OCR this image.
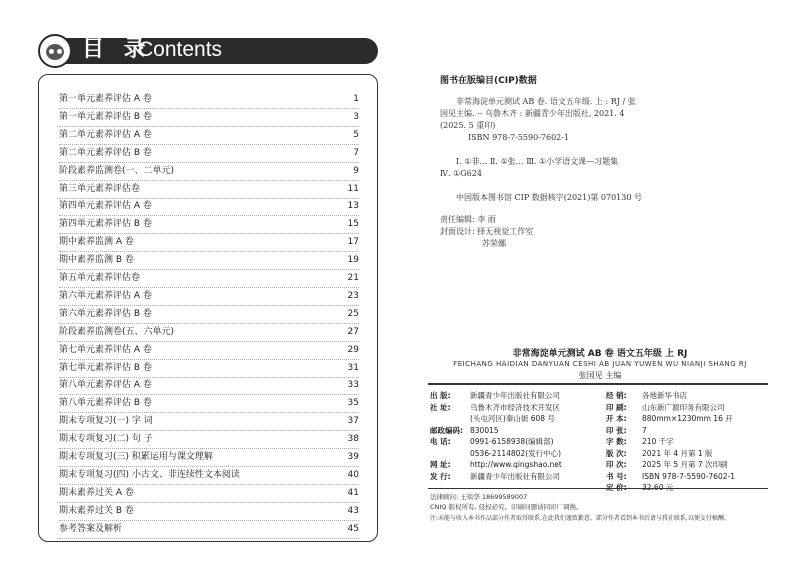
目 录
Contents
第一单元素养评估 A 卷	1
第一单元素养评估 B 卷	3
第二单元素养评估 A 卷	5
第二单元素养评估 B 卷	7
阶段素养监测卷(一、二单元)	9
第三单元素养评估卷	11
第四单元素养评估 A 卷	13
第四单元素养评估 B 卷	15
期中素养监测 A 卷	17
期中素养监测 B 卷	19
第五单元素养评估卷	21
第六单元素养评估 A 卷	23
第六单元素养评估 B 卷	25
阶段素养监测卷(五、六单元)	27
第七单元素养评估 A 卷	29
第七单元素养评估 B 卷	31
第八单元素养评估 A 卷	33
第八单元素养评估 B 卷	35
期末专项复习(一) 字 词	37
期末专项复习(二) 句 子	38
期末专项复习(三) 积累运用与课文理解	39
期末专项复习(四) 小古文、非连续性文本阅读	40
期末素养过关 A 卷	41
期末素养过关 B 卷	43
参考答案及解析	45
图书在版编目(CIP)数据
非常海淀单元测试 AB 卷. 语文五年级. 上 : RJ / 张
国见主编. -- 乌鲁木齐 : 新疆青少年出版社, 2021. 4
(2025. 5 重印)
ISBN 978-7-5590-7602-1
Ⅰ. ①非… Ⅱ. ①张… Ⅲ. ①小学语文课—习题集
Ⅳ. ①G624
中国版本图书馆 CIP 数据核字(2021)第 070130 号
责任编辑: 李 雨
封面设计: 择无视觉工作室
苏荣娜
非常海淀单元测试 AB 卷 语文五年级 上 RJ
FEICHANG HAIDIAN DANYUAN CESHI AB JUAN YUWEN WU NIANJI SHANG RJ
张国见 主编
出 版:	新疆青少年出版社有限公司
社 址:	乌鲁木齐市经济技术开发区
(头屯河区)秦山街 608 号
邮政编码: 830015
电 话:	0991-6158938(编辑部)
0536-2114802(发行中心)
网 址:	http://www.qingshao.net
发 行:	新疆青少年出版社有限公司
经 销: 各地新华书店
印 刷: 山东新广源印务有限公司
开 本: 880mm×1230mm 16 开
印 张: 7
字 数: 210 千字
版 次: 2021 年 4 月第 1 版
印 次: 2025 年 5 月第 7 次印刷
书 号: ISBN 978-7-5590-7602-1
法律顾问: 王琰华 18699589007
CNIQ 版权所有, 侵权必究。印刷问题请同印厂调换。
注:未能与收入本书作品部分作者取得联系,在此我们谨致歉意。部分作者看到本书后请与我社联系,以便支付稿酬。
